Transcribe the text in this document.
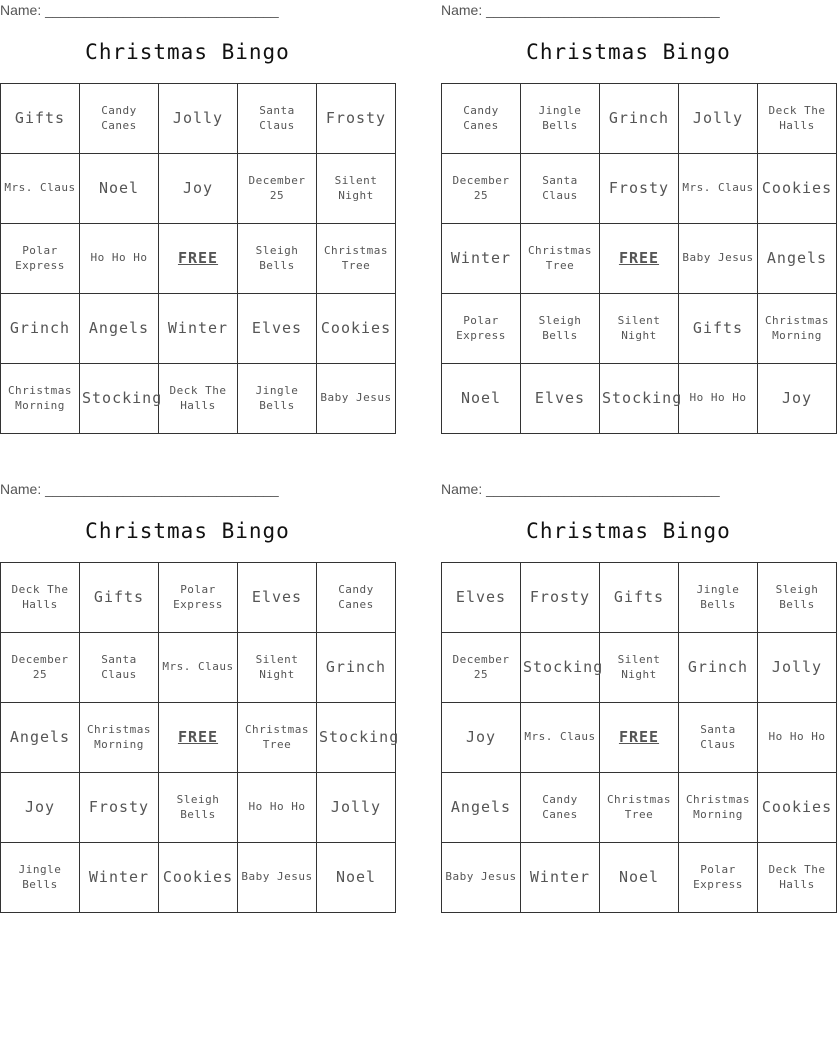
Name: ______________________________
Christmas Bingo
Gifts	Candy Canes	Jolly	Santa Claus	Frosty
Mrs. Claus	Noel	Joy	December 25	Silent Night
Polar Express	Ho Ho Ho	FREE	Sleigh Bells	Christmas Tree
Grinch	Angels	Winter	Elves	Cookies
Christmas Morning	Stocking	Deck The Halls	Jingle Bells	Baby Jesus
Name: ______________________________
Christmas Bingo
Candy Canes	Jingle Bells	Grinch	Jolly	Deck The Halls
December 25	Santa Claus	Frosty	Mrs. Claus	Cookies
Winter	Christmas Tree	FREE	Baby Jesus	Angels
Polar Express	Sleigh Bells	Silent Night	Gifts	Christmas Morning
Noel	Elves	Stocking	Ho Ho Ho	Joy
Name: ______________________________
Christmas Bingo
Deck The Halls	Gifts	Polar Express	Elves	Candy Canes
December 25	Santa Claus	Mrs. Claus	Silent Night	Grinch
Angels	Christmas Morning	FREE	Christmas Tree	Stocking
Joy	Frosty	Sleigh Bells	Ho Ho Ho	Jolly
Jingle Bells	Winter	Cookies	Baby Jesus	Noel
Name: ______________________________
Christmas Bingo
Elves	Frosty	Gifts	Jingle Bells	Sleigh Bells
December 25	Stocking	Silent Night	Grinch	Jolly
Joy	Mrs. Claus	FREE	Santa Claus	Ho Ho Ho
Angels	Candy Canes	Christmas Tree	Christmas Morning	Cookies
Baby Jesus	Winter	Noel	Polar Express	Deck The Halls
